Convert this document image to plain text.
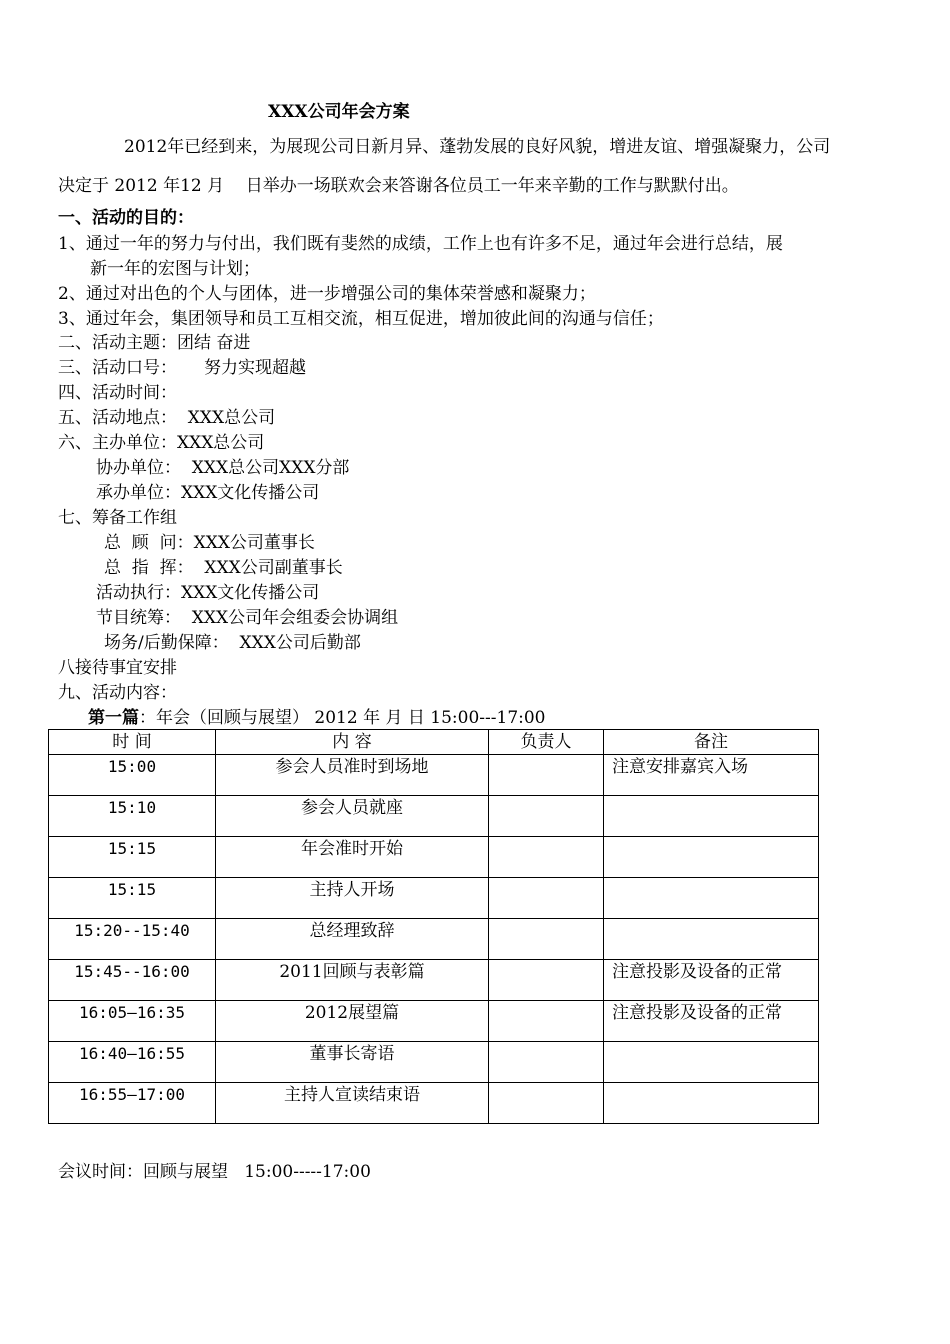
XXX公司年会方案
2012年已经到来，为展现公司日新月异、蓬勃发展的良好风貌，增进友谊、增强凝聚力，公司
决定于 2012 年12 月    日举办一场联欢会来答谢各位员工一年来辛勤的工作与默默付出。
一、活动的目的：
1、通过一年的努力与付出，我们既有斐然的成绩，工作上也有许多不足，通过年会进行总结，展
新一年的宏图与计划；
2、通过对出色的个人与团体，进一步增强公司的集体荣誉感和凝聚力；
3、通过年会，集团领导和员工互相交流，相互促进，增加彼此间的沟通与信任；
二、活动主题：团结 奋进
三、活动口号：     努力实现超越
四、活动时间：
五、活动地点：  XXX总公司
六、主办单位：XXX总公司
协办单位：  XXX总公司XXX分部
承办单位：XXX文化传播公司
七、筹备工作组
总  顾  问：XXX公司董事长
总  指  挥：  XXX公司副董事长
活动执行：XXX文化传播公司
节目统筹：  XXX公司年会组委会协调组
场务/后勤保障：  XXX公司后勤部
八接待事宜安排
九、活动内容：
第一篇：年会（回顾与展望） 2012 年 月 日 15:00---17:00
时 间	内 容	负责人	备注
15:00	参会人员准时到场地		注意安排嘉宾入场
15:10	参会人员就座		
15:15	年会准时开始		
15:15	主持人开场		
15:20--15:40	总经理致辞		
15:45--16:00	2011回顾与表彰篇		注意投影及设备的正常
16:05—16:35	2012展望篇		注意投影及设备的正常
16:40—16:55	董事长寄语		
16:55—17:00	主持人宣读结束语		
会议时间：回顾与展望   15:00-----17:00
